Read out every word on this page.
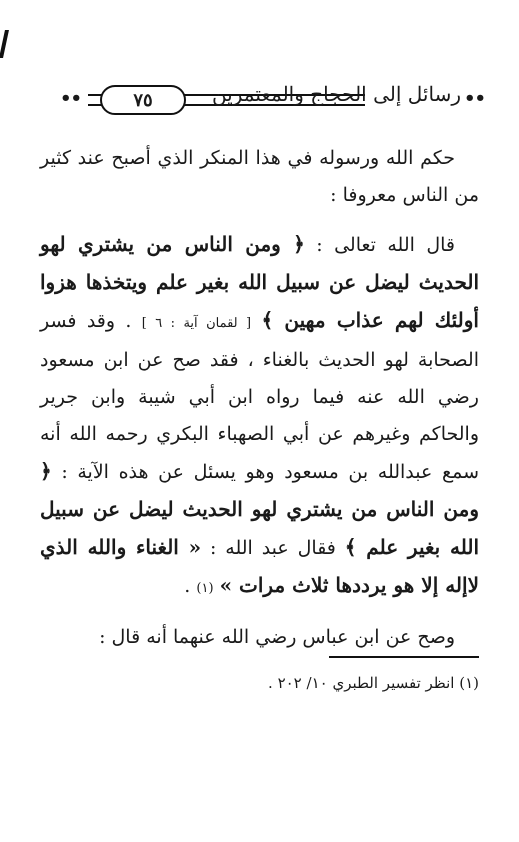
••	٧٥	رسائل إلى الحجاج والمعتمرين ••

حكم الله ورسوله في هذا المنكر الذي أصبح عند كثير من الناس معروفا :

قال الله تعالى : ﴿ ومن الناس من يشتري لهو الحديث ليضل عن سبيل الله بغير علم ويتخذها هزوا أولئك لهم عذاب مهين ﴾ [ لقمان آية : ٦ ] . وقد فسر الصحابة لهو الحديث بالغناء ، فقد صح عن ابن مسعود رضي الله عنه فيما رواه ابن أبي شيبة وابن جرير والحاكم وغيرهم عن أبي الصهباء البكري رحمه الله أنه سمع عبدالله بن مسعود وهو يسئل عن هذه الآية : ﴿ ومن الناس من يشتري لهو الحديث ليضل عن سبيل الله بغير علم ﴾ فقال عبد الله : « الغناء والله الذي لاإله إلا هو يرددها ثلاث مرات » (١) .

وصح عن ابن عباس رضي الله عنهما أنه قال :

(١) انظر تفسير الطبري ١٠/ ٢٠٢ .
